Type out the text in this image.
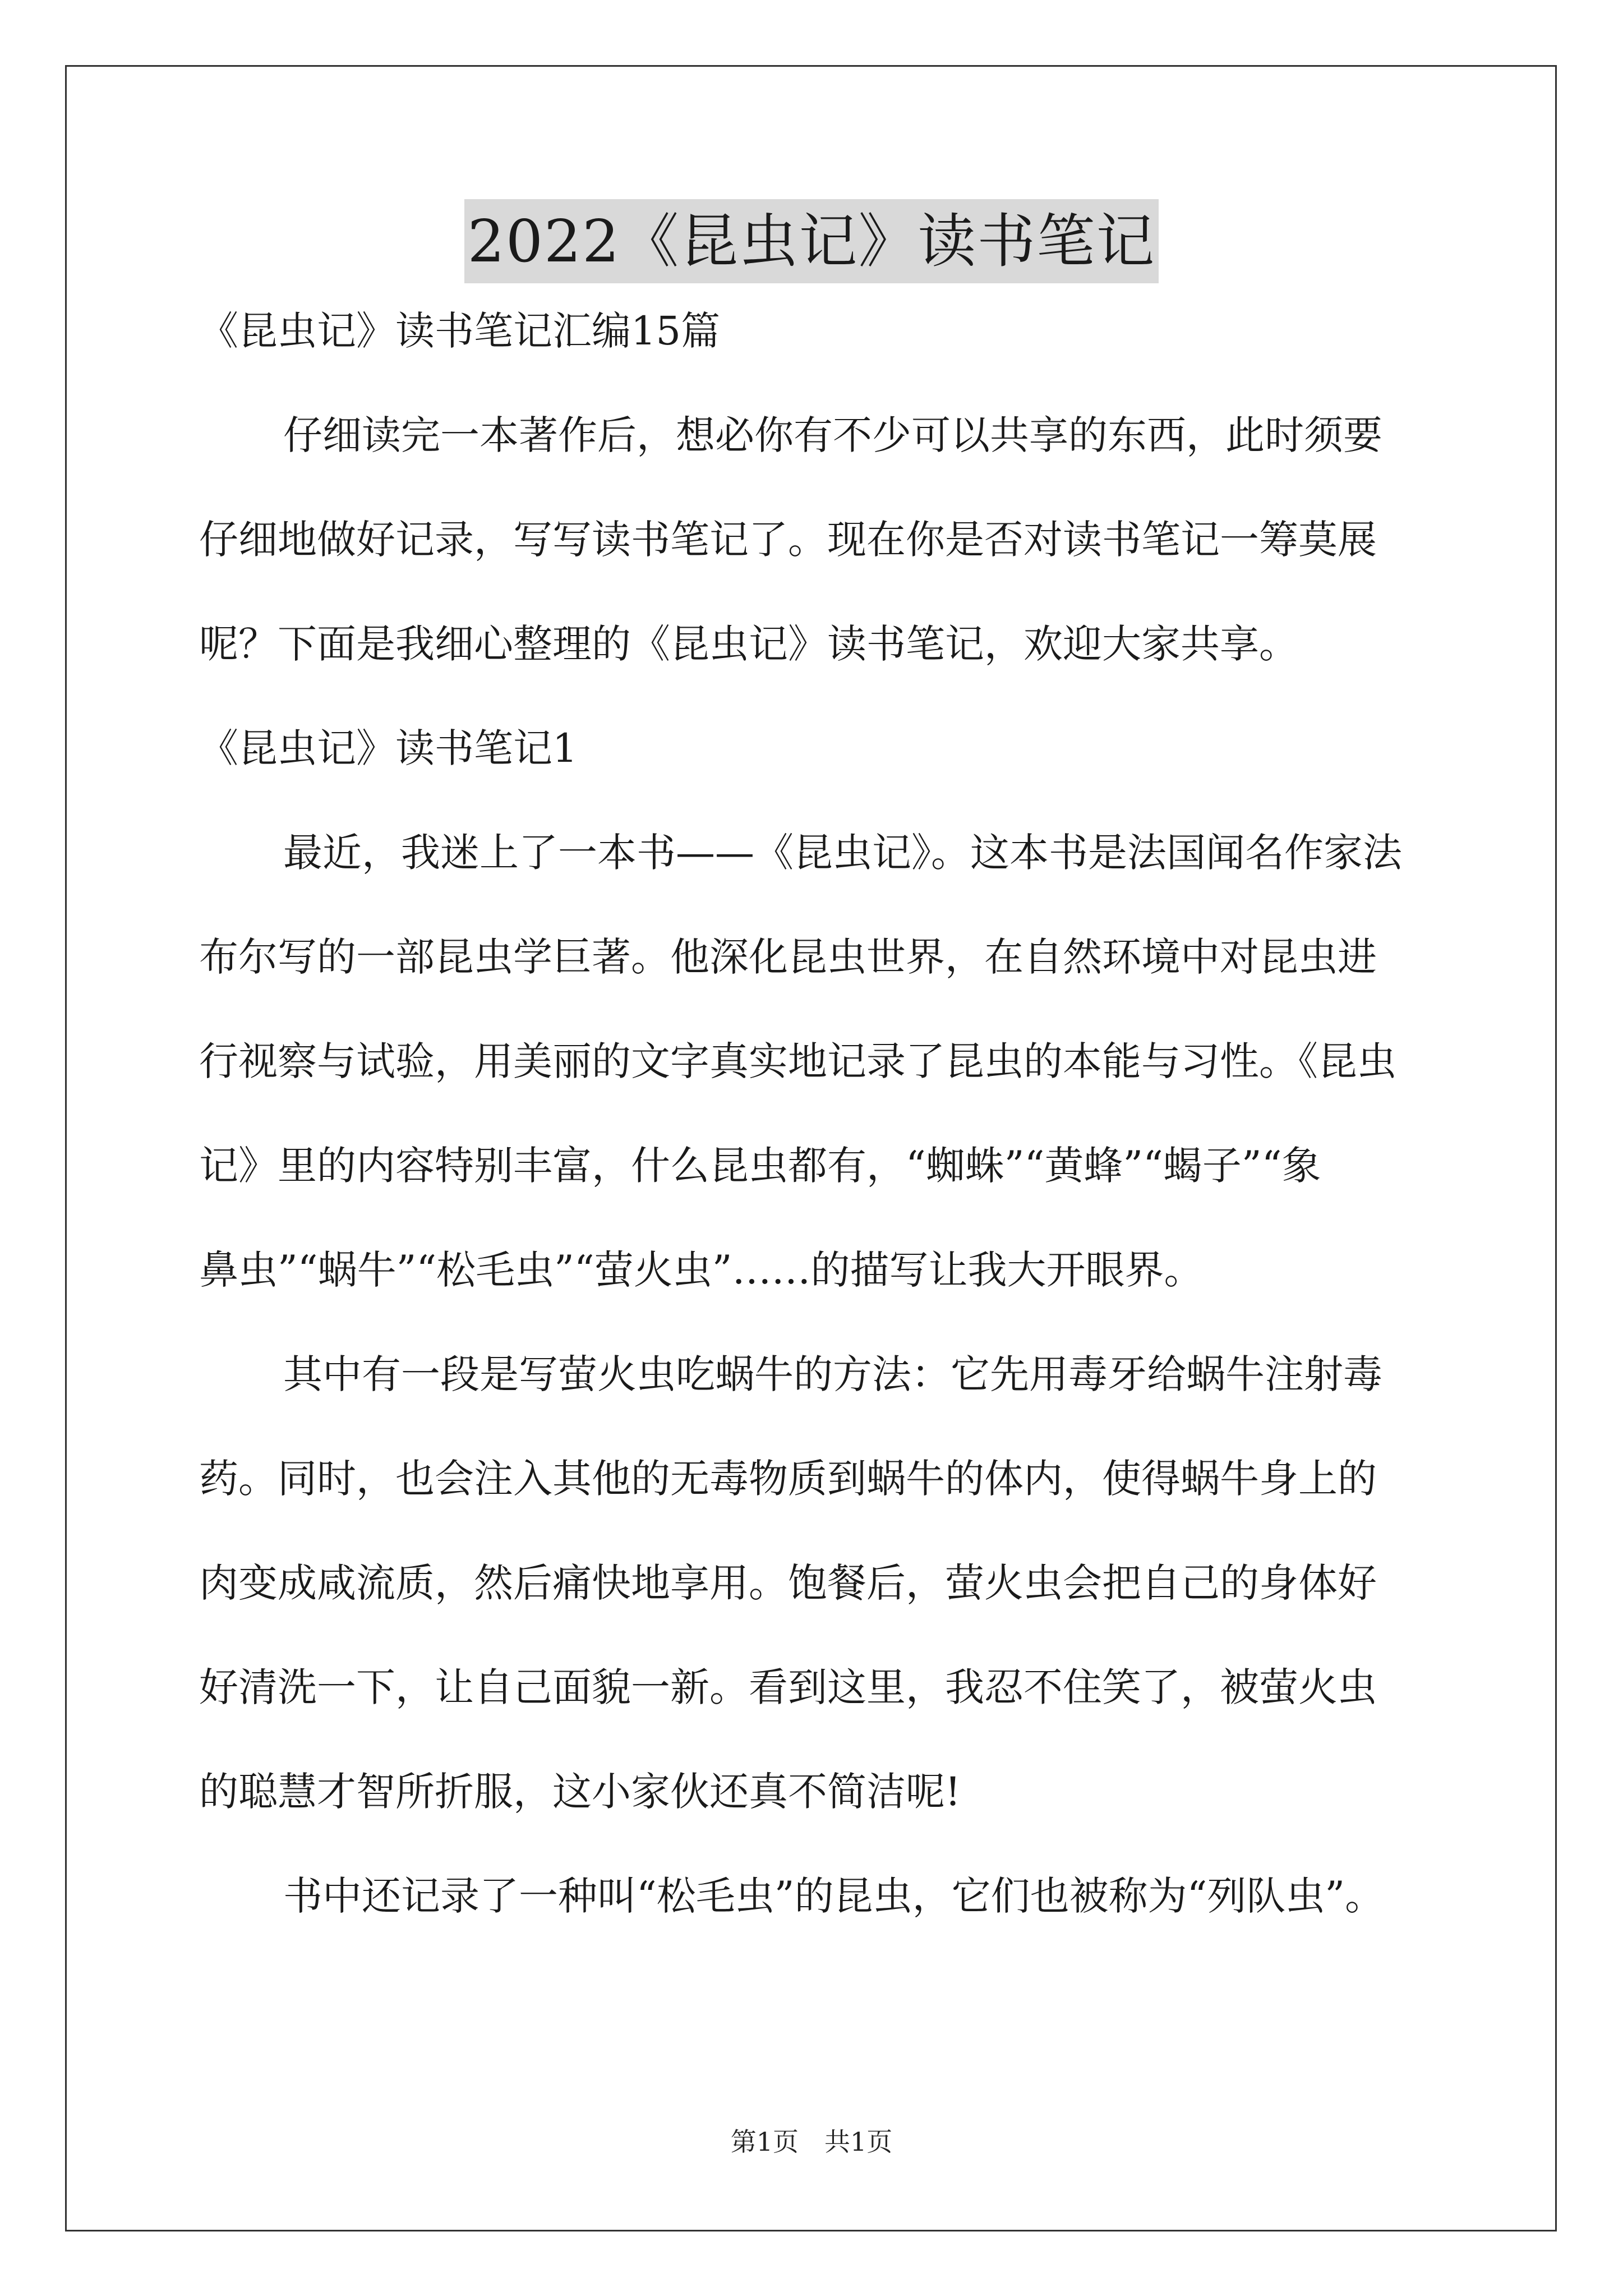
2022《昆虫记》读书笔记
《昆虫记》读书笔记汇编15篇
仔细读完一本著作后，想必你有不少可以共享的东西，此时须要
仔细地做好记录，写写读书笔记了。现在你是否对读书笔记一筹莫展
呢？下面是我细心整理的《昆虫记》读书笔记，欢迎大家共享。
《昆虫记》读书笔记1
最近，我迷上了一本书——《昆虫记》。这本书是法国闻名作家法
布尔写的一部昆虫学巨著。他深化昆虫世界，在自然环境中对昆虫进
行视察与试验，用美丽的文字真实地记录了昆虫的本能与习性。《昆虫
记》里的内容特别丰富，什么昆虫都有，“蜘蛛”“黄蜂”“蝎子”“象
鼻虫”“蜗牛”“松毛虫”“萤火虫”……的描写让我大开眼界。
其中有一段是写萤火虫吃蜗牛的方法：它先用毒牙给蜗牛注射毒
药。同时，也会注入其他的无毒物质到蜗牛的体内，使得蜗牛身上的
肉变成咸流质，然后痛快地享用。饱餐后，萤火虫会把自己的身体好
好清洗一下，让自己面貌一新。看到这里，我忍不住笑了，被萤火虫
的聪慧才智所折服，这小家伙还真不简洁呢!
书中还记录了一种叫“松毛虫”的昆虫，它们也被称为“列队虫”。
第1页　共1页
